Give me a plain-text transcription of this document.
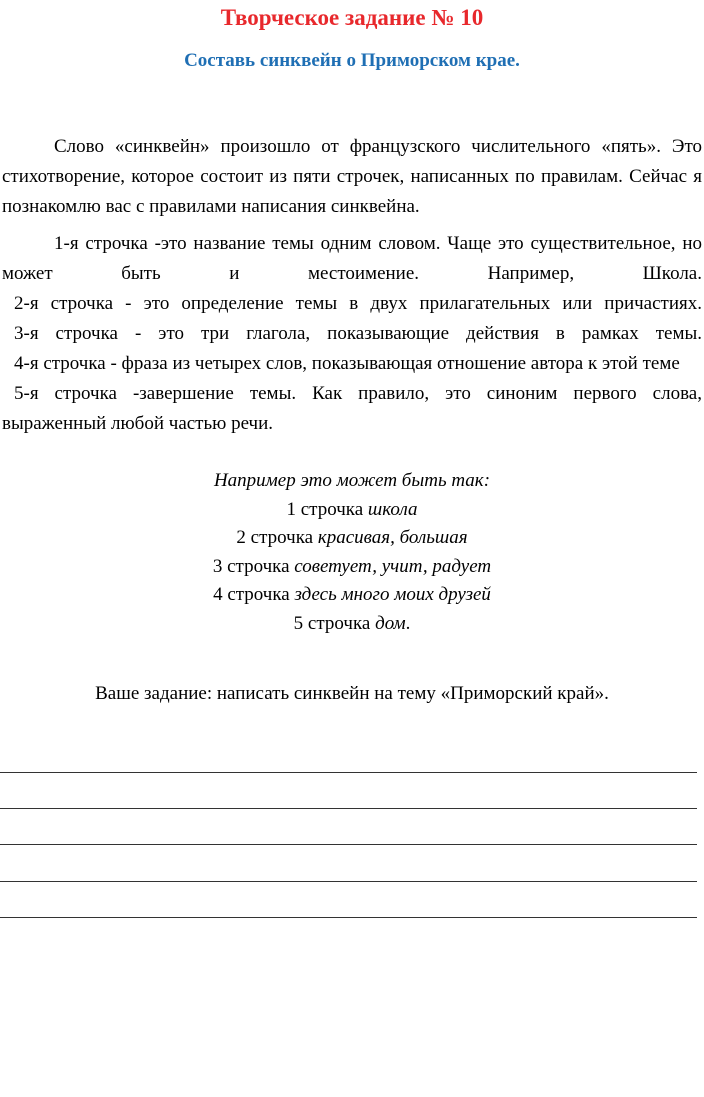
Творческое задание № 10
Составь синквейн о Приморском крае.

Слово «синквейн» произошло от французского числительного «пять». Это стихотворение, которое состоит из пяти строчек, написанных по правилам. Сейчас я познакомлю вас с правилами написания синквейна.

1-я строчка -это название темы одним словом. Чаще это существительное, но может быть и местоимение. Например, Школа.

2-я строчка - это определение темы в двух прилагательных или причастиях.

3-я строчка - это три глагола, показывающие действия в рамках темы.

4-я строчка - фраза из четырех слов, показывающая отношение автора к этой теме

5-я строчка -завершение темы. Как правило, это синоним первого слова, выраженный любой частью речи.

Например это может быть так:

1 строчка школа

2 строчка красивая, большая

3 строчка советует, учит, радует

4 строчка здесь много моих друзей

5 строчка дом.

Ваше задание: написать синквейн на тему «Приморский край».
